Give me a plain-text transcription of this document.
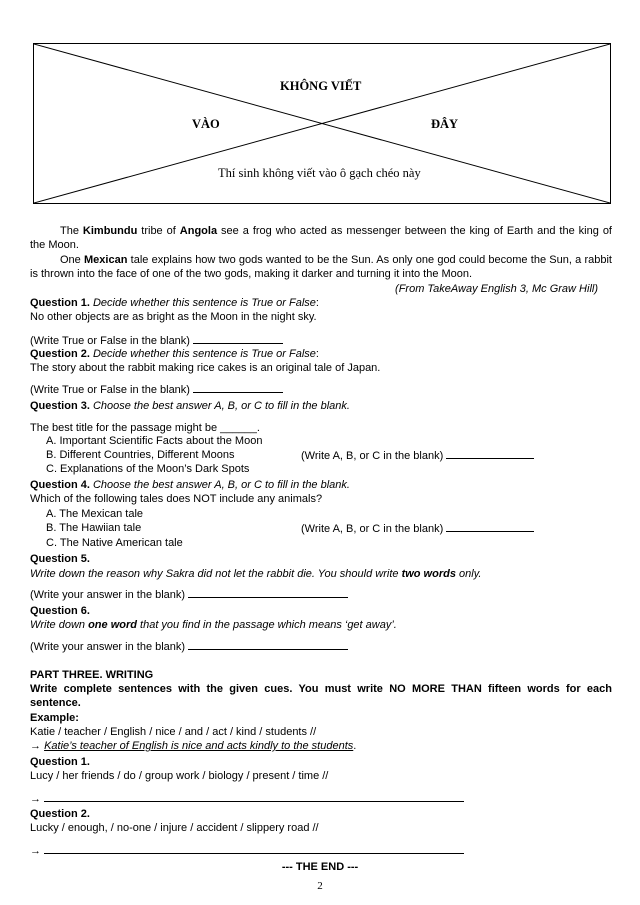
KHÔNG VIẾT
VÀO	ĐÂY
Thí sinh không viết vào ô gạch chéo này
The Kimbundu tribe of Angola see a frog who acted as messenger between the king of Earth and the king of the Moon.
One Mexican tale explains how two gods wanted to be the Sun. As only one god could become the Sun, a rabbit is thrown into the face of one of the two gods, making it darker and turning it into the Moon.
(From TakeAway English 3, Mc Graw Hill)
Question 1. Decide whether this sentence is True or False:
No other objects are as bright as the Moon in the night sky.
(Write True or False in the blank)
Question 2. Decide whether this sentence is True or False:
The story about the rabbit making rice cakes is an original tale of Japan.
(Write True or False in the blank)
Question 3. Choose the best answer A, B, or C to fill in the blank.
The best title for the passage might be ______.
A. Important Scientific Facts about the Moon
B. Different Countries, Different Moons	(Write A, B, or C in the blank)
C. Explanations of the Moon’s Dark Spots
Question 4. Choose the best answer A, B, or C to fill in the blank.
Which of the following tales does NOT include any animals?
A. The Mexican tale
B. The Hawiian tale	(Write A, B, or C in the blank)
C. The Native American tale
Question 5.
Write down the reason why Sakra did not let the rabbit die. You should write two words only.
(Write your answer in the blank)
Question 6.
Write down one word that you find in the passage which means ‘get away’.
(Write your answer in the blank)
PART THREE. WRITING
Write complete sentences with the given cues. You must write NO MORE THAN fifteen words for each sentence.
Example:
Katie / teacher / English / nice / and / act / kind / students //
→ Katie’s teacher of English is nice and acts kindly to the students.
Question 1.
Lucy / her friends / do / group work / biology / present / time //
→
Question 2.
Lucky / enough, / no-one / injure / accident / slippery road //
→
--- THE END ---
2
